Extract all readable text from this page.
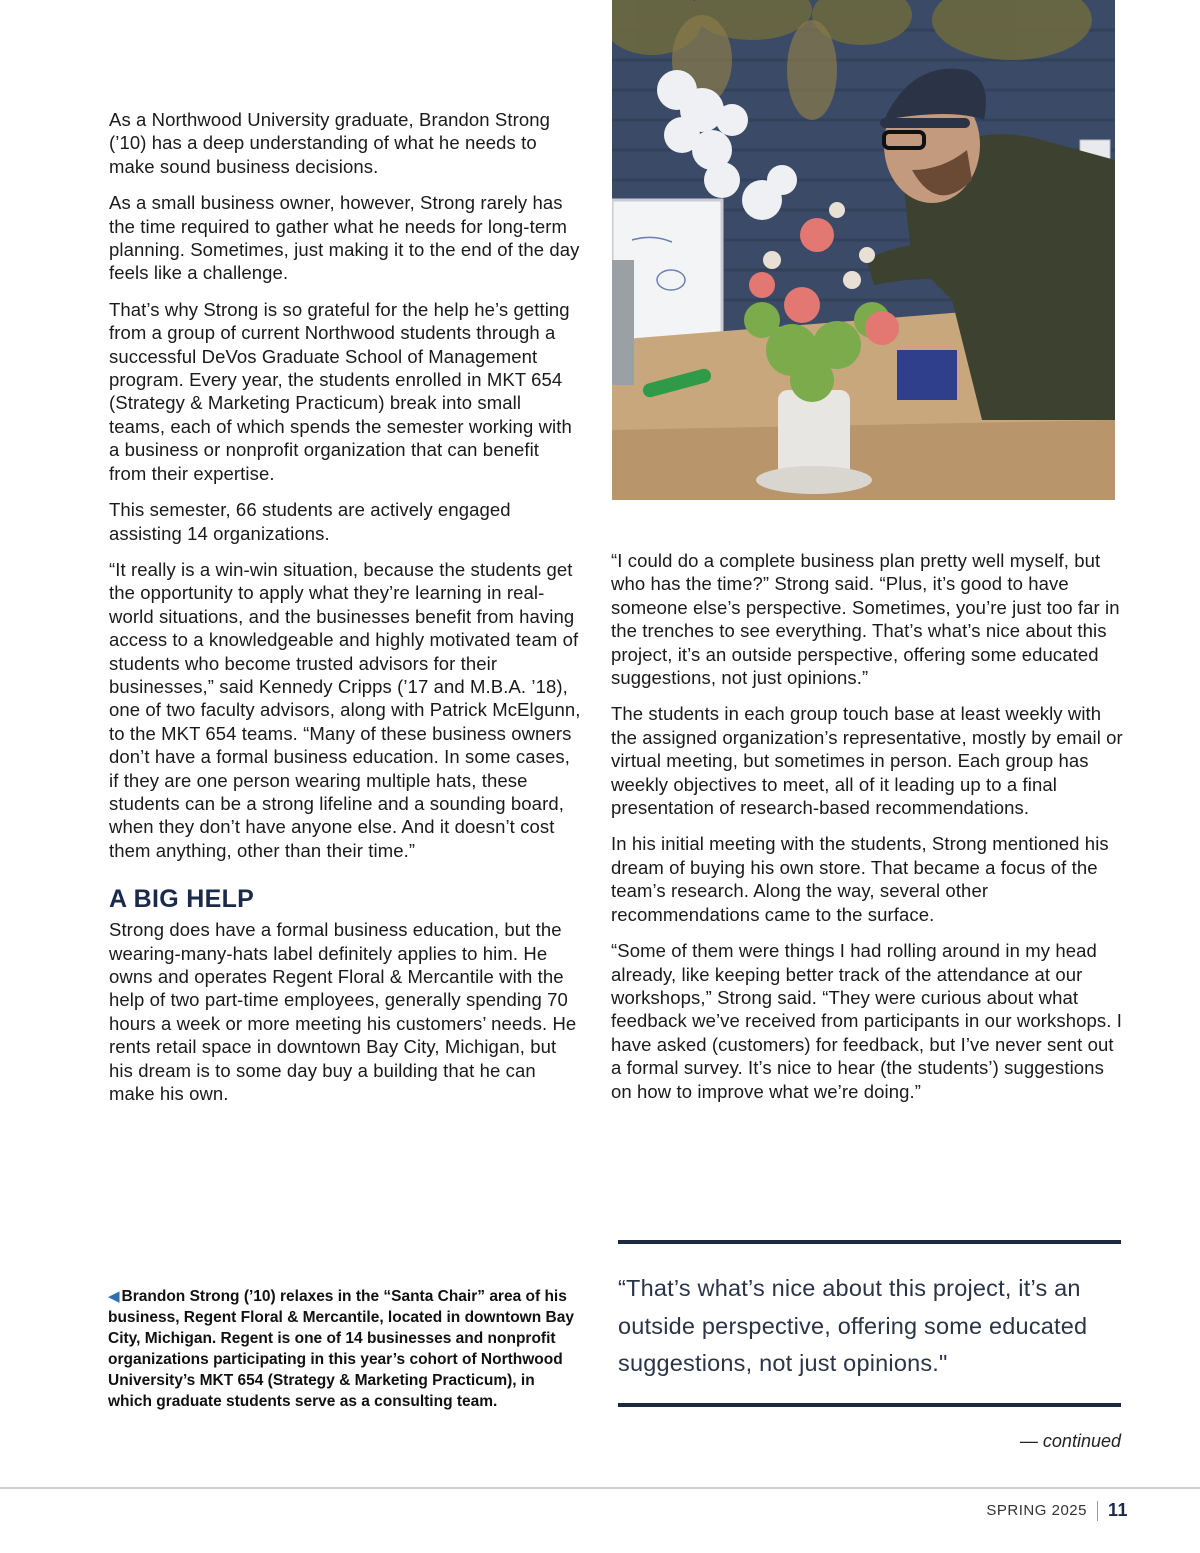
As a Northwood University graduate, Brandon Strong (’10) has a deep understanding of what he needs to make sound business decisions.

As a small business owner, however, Strong rarely has the time required to gather what he needs for long-term planning. Sometimes, just making it to the end of the day feels like a challenge.

That’s why Strong is so grateful for the help he’s getting from a group of current Northwood students through a successful DeVos Graduate School of Management program. Every year, the students enrolled in MKT 654 (Strategy & Marketing Practicum) break into small teams, each of which spends the semester working with a business or nonprofit organization that can benefit from their expertise.

This semester, 66 students are actively engaged assisting 14 organizations.

“It really is a win-win situation, because the students get the opportunity to apply what they’re learning in real-world situations, and the businesses benefit from having access to a knowledgeable and highly motivated team of students who become trusted advisors for their businesses,” said Kennedy Cripps (’17 and M.B.A. ’18), one of two faculty advisors, along with Patrick McElgunn, to the MKT 654 teams. “Many of these business owners don’t have a formal business education. In some cases, if they are one person wearing multiple hats, these students can be a strong lifeline and a sounding board, when they don’t have anyone else. And it doesn’t cost them anything, other than their time.”

A BIG HELP

Strong does have a formal business education, but the wearing-many-hats label definitely applies to him. He owns and operates Regent Floral & Mercantile with the help of two part-time employees, generally spending 70 hours a week or more meeting his customers’ needs. He rents retail space in downtown Bay City, Michigan, but his dream is to some day buy a building that he can make his own.

◀ Brandon Strong (’10) relaxes in the “Santa Chair” area of his business, Regent Floral & Mercantile, located in downtown Bay City, Michigan. Regent is one of 14 businesses and nonprofit organizations participating in this year’s cohort of Northwood University’s MKT 654 (Strategy & Marketing Practicum), in which graduate students serve as a consulting team.

“I could do a complete business plan pretty well myself, but who has the time?” Strong said. “Plus, it’s good to have someone else’s perspective. Sometimes, you’re just too far in the trenches to see everything. That’s what’s nice about this project, it’s an outside perspective, offering some educated suggestions, not just opinions.”

The students in each group touch base at least weekly with the assigned organization’s representative, mostly by email or virtual meeting, but sometimes in person. Each group has weekly objectives to meet, all of it leading up to a final presentation of research-based recommendations.

In his initial meeting with the students, Strong mentioned his dream of buying his own store. That became a focus of the team’s research. Along the way, several other recommendations came to the surface.

“Some of them were things I had rolling around in my head already, like keeping better track of the attendance at our workshops,” Strong said. “They were curious about what feedback we’ve received from participants in our workshops. I have asked (customers) for feedback, but I’ve never sent out a formal survey. It’s nice to hear (the students’) suggestions on how to improve what we’re doing.”

“That’s what’s nice about this project, it’s an outside perspective, offering some educated suggestions, not just opinions."
— continued
SPRING 2025 11
